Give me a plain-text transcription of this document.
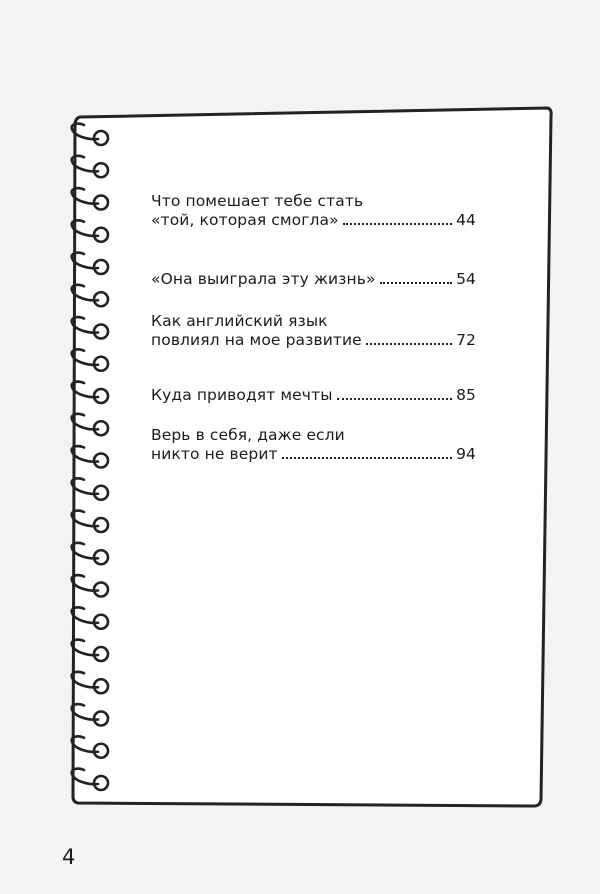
Что помешает тебе стать
«той, которая смогла»	44
«Она выиграла эту жизнь»	54
Как английский язык
повлиял на мое развитие	72
Куда приводят мечты	85
Верь в себя, даже если
никто не верит	94
4
